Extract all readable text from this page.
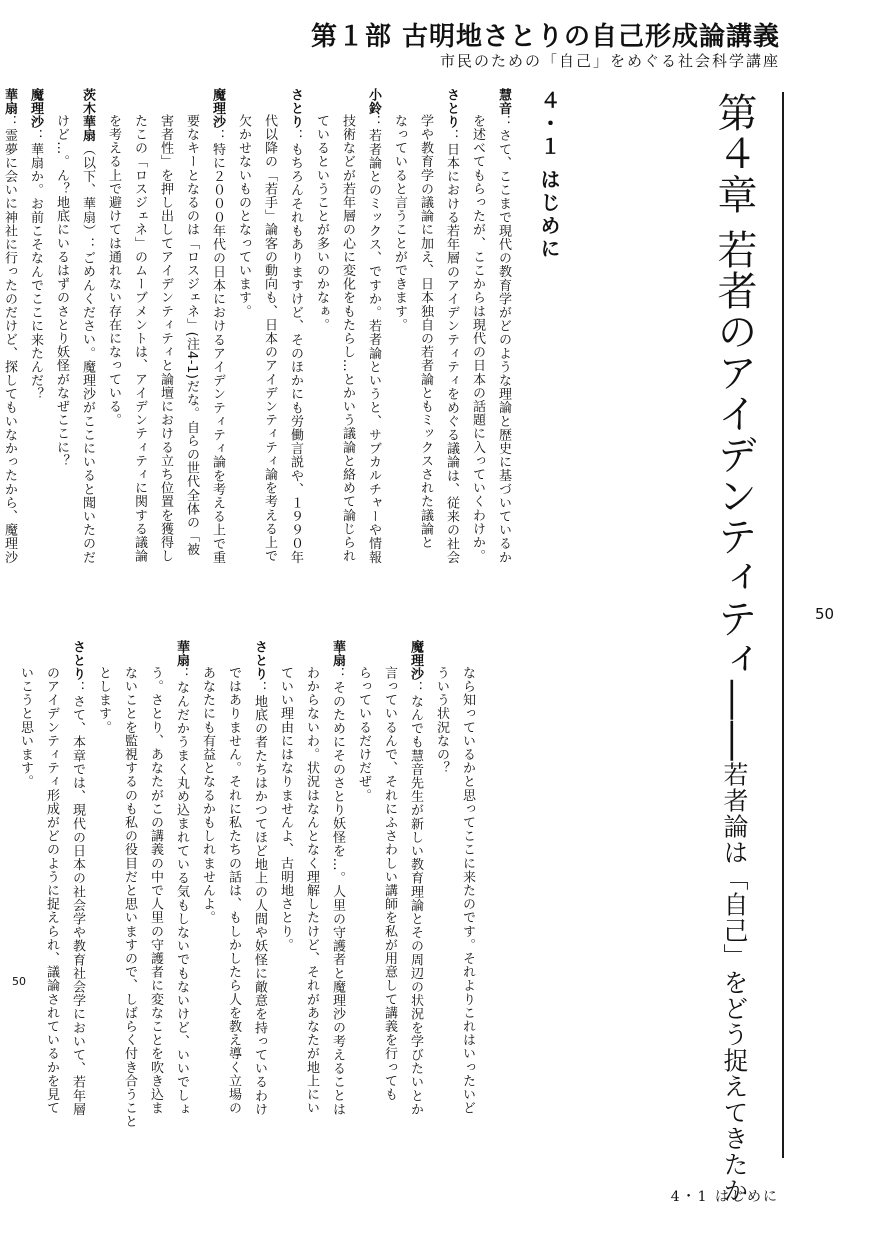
第１部 古明地さとりの自己形成論講義
市民のための「自己」をめぐる社会科学講座
第４章 若者のアイデンティティ――若者論は「自己」をどう捉えてきたか
50
50
4・1 はじめに
４・１ はじめに
慧音：さて、ここまで現代の教育学がどのような理論と歴史に基づいているか
を述べてもらったが、ここからは現代の日本の話題に入っていくわけか。
さとり：日本における若年層のアイデンティティをめぐる議論は、従来の社会
学や教育学の議論に加え、日本独自の若者論ともミックスされた議論と
なっていると言うことができます。
小鈴：若者論とのミックス、ですか。若者論というと、サブカルチャーや情報
技術などが若年層の心に変化をもたらし…とかいう議論と絡めて論じられ
ているということが多いのかなぁ。
さとり：もちろんそれもありますけど、そのほかにも労働言説や、１９９０年
代以降の「若手」論客の動向も、日本のアイデンティティ論を考える上で
欠かせないものとなっています。
魔理沙：特に２０００年代の日本におけるアイデンティティ論を考える上で重
要なキーとなるのは「ロスジェネ」(注4-1)だな。自らの世代全体の「被
害者性」を押し出してアイデンティティと論壇における立ち位置を獲得し
たこの「ロスジェネ」のムーブメントは、アイデンティティに関する議論
を考える上で避けては通れない存在になっている。
茨木華扇（以下、華扇）：ごめんください。魔理沙がここにいると聞いたのだ
けど…。ん？地底にいるはずのさとり妖怪がなぜここに？
魔理沙：華扇か。お前こそなんでここに来たんだ？
華扇：霊夢に会いに神社に行ったのだけど、探してもいなかったから、魔理沙
なら知っているかと思ってここに来たのです。それよりこれはいったいど
ういう状況なの？
魔理沙：なんでも慧音先生が新しい教育理論とその周辺の状況を学びたいとか
言っているんで、それにふさわしい講師を私が用意して講義を行っても
らっているだけだぜ。
華扇：そのためにそのさとり妖怪を…。人里の守護者と魔理沙の考えることは
わからないわ。状況はなんとなく理解したけど、それがあなたが地上にい
ていい理由にはなりませんよ、古明地さとり。
さとり：地底の者たちはかつてほど地上の人間や妖怪に敵意を持っているわけ
ではありません。それに私たちの話は、もしかしたら人を教え導く立場の
あなたにも有益となるかもしれませんよ。
華扇：なんだかうまく丸め込まれている気もしないでもないけど、いいでしょ
う。さとり、あなたがこの講義の中で人里の守護者に変なことを吹き込ま
ないことを監視するのも私の役目だと思いますので、しばらく付き合うこと
とします。
さとり：さて、本章では、現代の日本の社会学や教育社会学において、若年層
のアイデンティティ形成がどのように捉えられ、議論されているかを見て
いこうと思います。
